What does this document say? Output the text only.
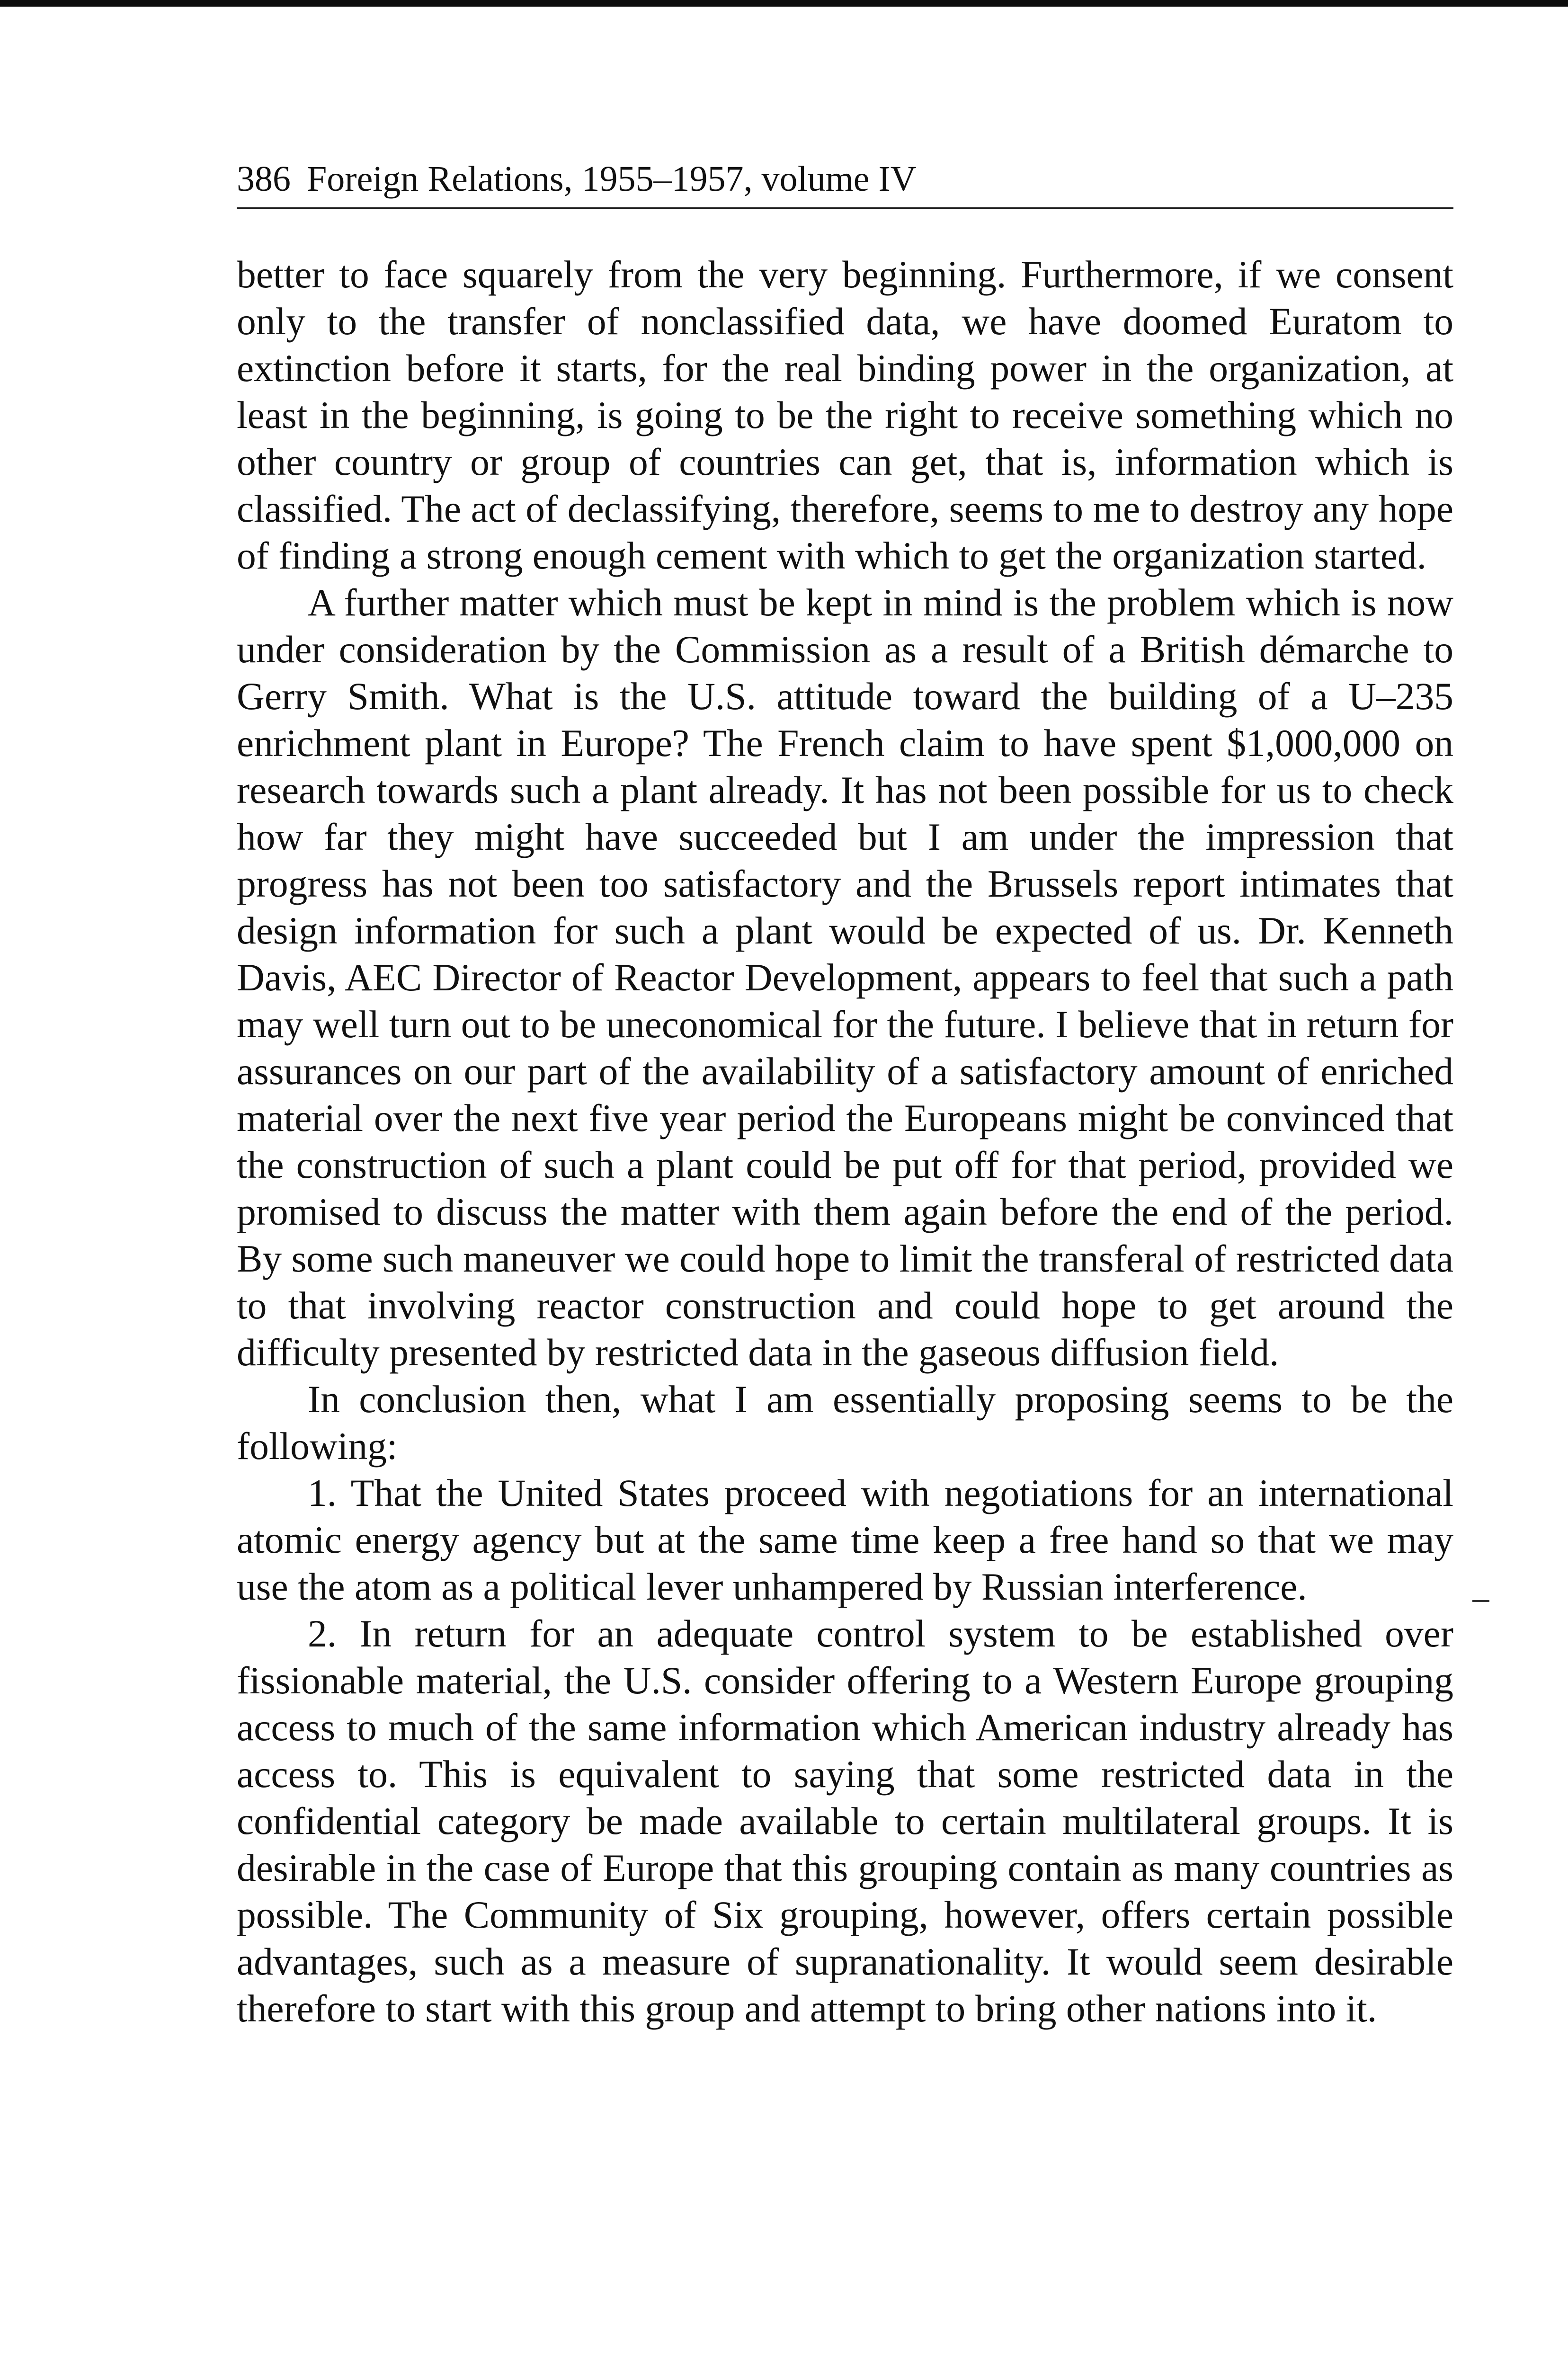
386 Foreign Relations, 1955–1957, volume IV

better to face squarely from the very beginning. Furthermore, if we consent only to the transfer of nonclassified data, we have doomed Euratom to extinction before it starts, for the real binding power in the organization, at least in the beginning, is going to be the right to receive something which no other country or group of countries can get, that is, information which is classified. The act of declassifying, therefore, seems to me to destroy any hope of finding a strong enough cement with which to get the organization started.

A further matter which must be kept in mind is the problem which is now under consideration by the Commission as a result of a British démarche to Gerry Smith. What is the U.S. attitude toward the building of a U–235 enrichment plant in Europe? The French claim to have spent $1,000,000 on research towards such a plant already. It has not been possible for us to check how far they might have succeeded but I am under the impression that progress has not been too satisfactory and the Brussels report intimates that design information for such a plant would be expected of us. Dr. Kenneth Davis, AEC Director of Reactor Development, appears to feel that such a path may well turn out to be uneconomical for the future. I believe that in return for assurances on our part of the availability of a satisfactory amount of enriched material over the next five year period the Europeans might be convinced that the construction of such a plant could be put off for that period, provided we promised to discuss the matter with them again before the end of the period. By some such maneuver we could hope to limit the transferal of restricted data to that involving reactor construction and could hope to get around the difficulty presented by restricted data in the gaseous diffusion field.

In conclusion then, what I am essentially proposing seems to be the following:

1. That the United States proceed with negotiations for an international atomic energy agency but at the same time keep a free hand so that we may use the atom as a political lever unhampered by Russian interference.

2. In return for an adequate control system to be established over fissionable material, the U.S. consider offering to a Western Europe grouping access to much of the same information which American industry already has access to. This is equivalent to saying that some restricted data in the confidential category be made available to certain multilateral groups. It is desirable in the case of Europe that this grouping contain as many countries as possible. The Community of Six grouping, however, offers certain possible advantages, such as a measure of supranationality. It would seem desirable therefore to start with this group and attempt to bring other nations into it.
